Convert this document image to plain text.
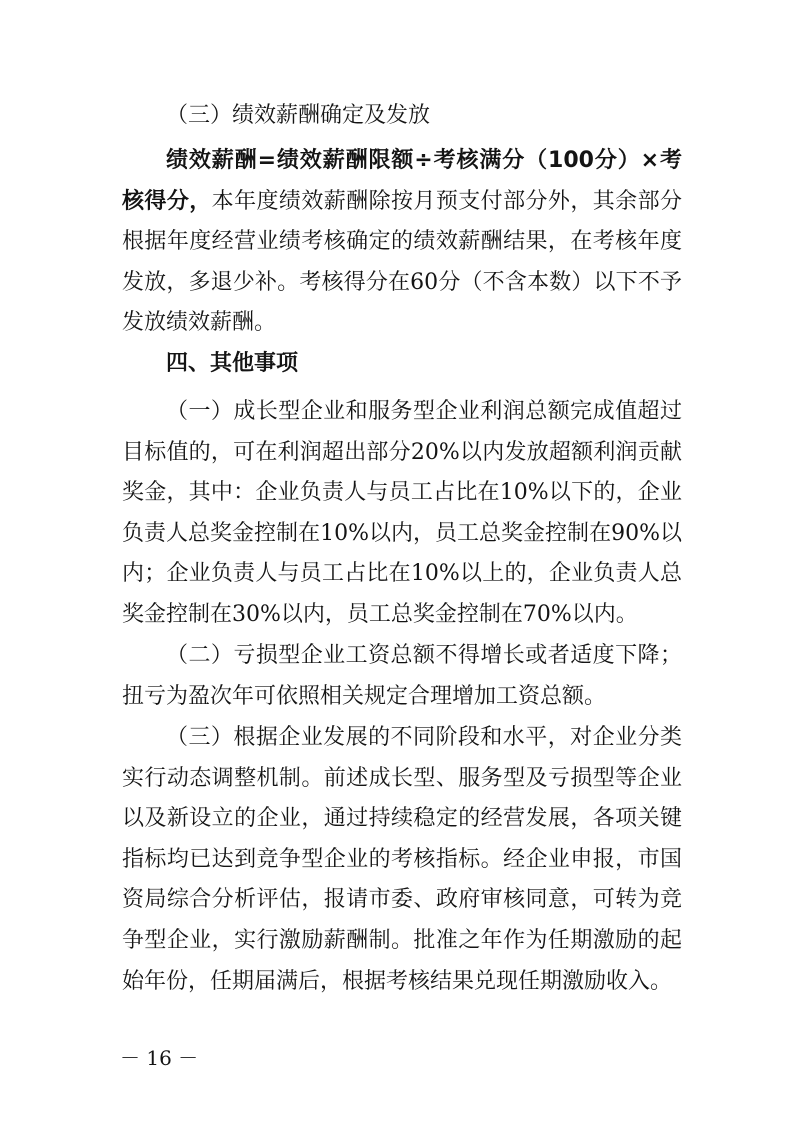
（三）绩效薪酬确定及发放
绩效薪酬=绩效薪酬限额÷考核满分（100分）×考核得分，本年度绩效薪酬除按月预支付部分外，其余部分根据年度经营业绩考核确定的绩效薪酬结果，在考核年度发放，多退少补。考核得分在60分（不含本数）以下不予发放绩效薪酬。
四、其他事项
（一）成长型企业和服务型企业利润总额完成值超过目标值的，可在利润超出部分20%以内发放超额利润贡献奖金，其中：企业负责人与员工占比在10%以下的，企业负责人总奖金控制在10%以内，员工总奖金控制在90%以内；企业负责人与员工占比在10%以上的，企业负责人总奖金控制在30%以内，员工总奖金控制在70%以内。
（二）亏损型企业工资总额不得增长或者适度下降；扭亏为盈次年可依照相关规定合理增加工资总额。
（三）根据企业发展的不同阶段和水平，对企业分类实行动态调整机制。前述成长型、服务型及亏损型等企业以及新设立的企业，通过持续稳定的经营发展，各项关键指标均已达到竞争型企业的考核指标。经企业申报，市国资局综合分析评估，报请市委、政府审核同意，可转为竞争型企业，实行激励薪酬制。批准之年作为任期激励的起始年份，任期届满后，根据考核结果兑现任期激励收入。
－ 16 －
